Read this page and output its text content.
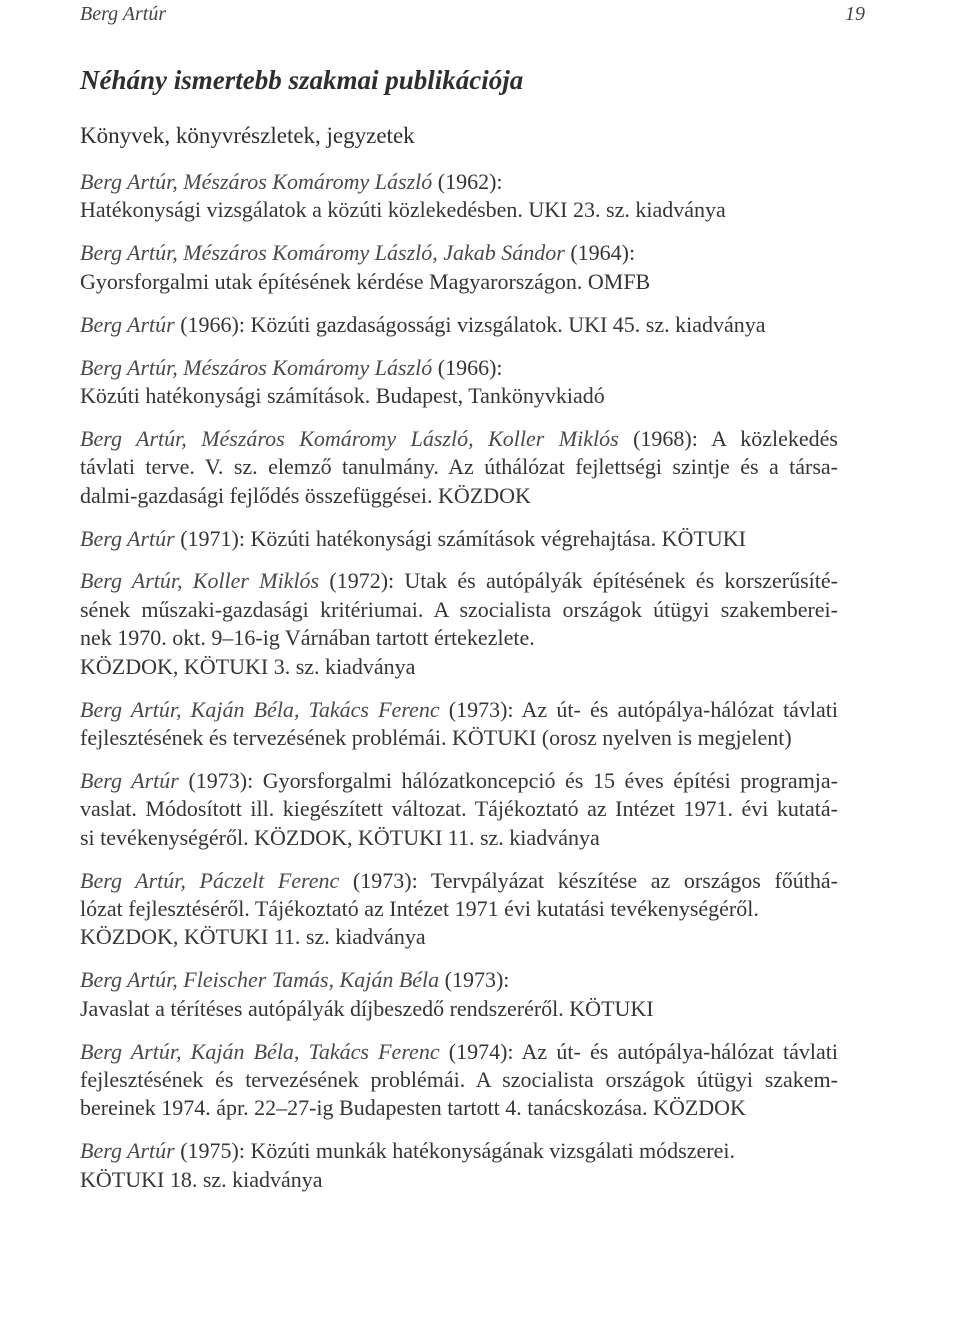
Berg Artúr	19
Néhány ismertebb szakmai publikációja
Könyvek, könyvrészletek, jegyzetek
Berg Artúr, Mészáros Komáromy László (1962):
Hatékonysági vizsgálatok a közúti közlekedésben. UKI 23. sz. kiadványa
Berg Artúr, Mészáros Komáromy László, Jakab Sándor (1964):
Gyorsforgalmi utak építésének kérdése Magyarországon. OMFB
Berg Artúr (1966): Közúti gazdaságossági vizsgálatok. UKI 45. sz. kiadványa
Berg Artúr, Mészáros Komáromy László (1966):
Közúti hatékonysági számítások. Budapest, Tankönyvkiadó
Berg Artúr, Mészáros Komáromy László, Koller Miklós (1968): A közlekedés
távlati terve. V. sz. elemző tanulmány. Az úthálózat fejlettségi szintje és a társa-
dalmi-gazdasági fejlődés összefüggései. KÖZDOK
Berg Artúr (1971): Közúti hatékonysági számítások végrehajtása. KÖTUKI
Berg Artúr, Koller Miklós (1972): Utak és autópályák építésének és korszerűsíté-
sének műszaki-gazdasági kritériumai. A szocialista országok útügyi szakemberei-
nek 1970. okt. 9–16-ig Várnában tartott értekezlete.
KÖZDOK, KÖTUKI 3. sz. kiadványa
Berg Artúr, Kaján Béla, Takács Ferenc (1973): Az út- és autópálya-hálózat távlati
fejlesztésének és tervezésének problémái. KÖTUKI (orosz nyelven is megjelent)
Berg Artúr (1973): Gyorsforgalmi hálózatkoncepció és 15 éves építési programja-
vaslat. Módosított ill. kiegészített változat. Tájékoztató az Intézet 1971. évi kutatá-
si tevékenységéről. KÖZDOK, KÖTUKI 11. sz. kiadványa
Berg Artúr, Páczelt Ferenc (1973): Tervpályázat készítése az országos főúthá-
lózat fejlesztéséről. Tájékoztató az Intézet 1971 évi kutatási tevékenységéről.
KÖZDOK, KÖTUKI 11. sz. kiadványa
Berg Artúr, Fleischer Tamás, Kaján Béla (1973):
Javaslat a térítéses autópályák díjbeszedő rendszeréről. KÖTUKI
Berg Artúr, Kaján Béla, Takács Ferenc (1974): Az út- és autópálya-hálózat távlati
fejlesztésének és tervezésének problémái. A szocialista országok útügyi szakem-
bereinek 1974. ápr. 22–27-ig Budapesten tartott 4. tanácskozása. KÖZDOK
Berg Artúr (1975): Közúti munkák hatékonyságának vizsgálati módszerei.
KÖTUKI 18. sz. kiadványa
